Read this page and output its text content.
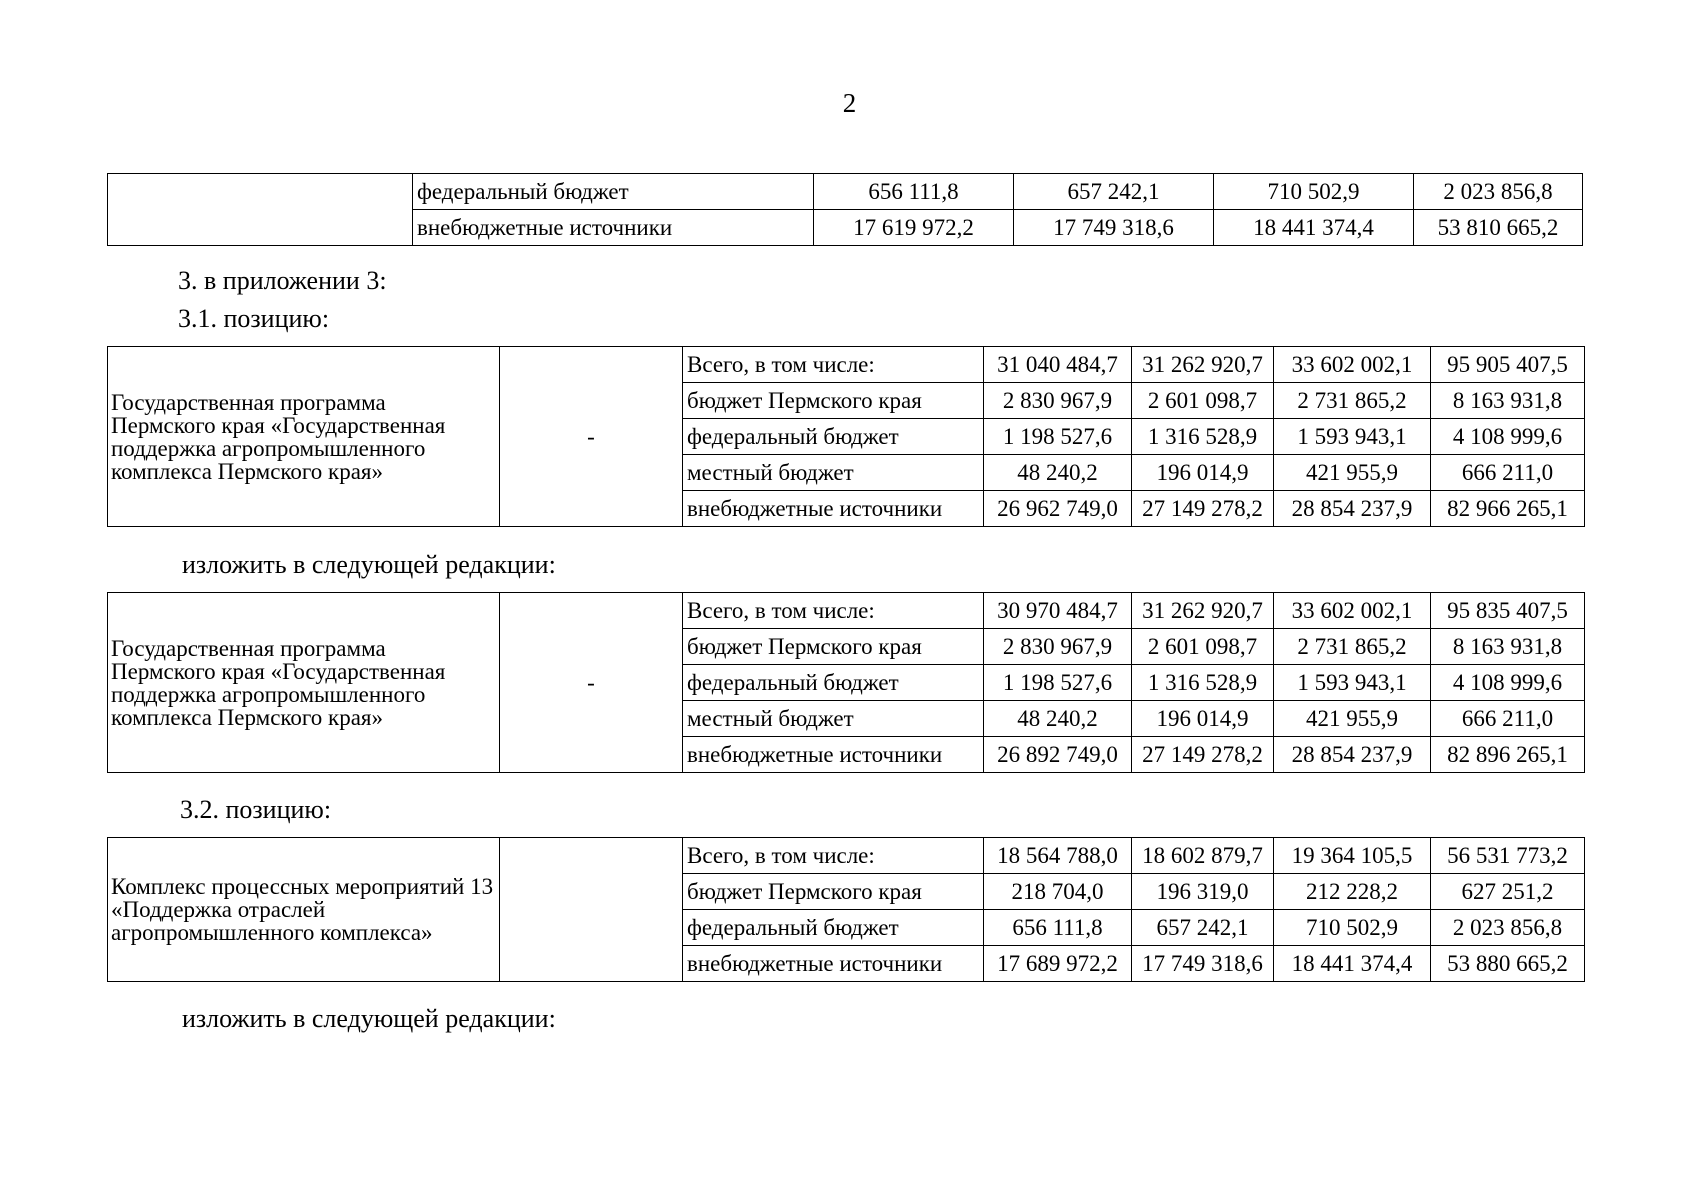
2
	федеральный бюджет	656 111,8	657 242,1	710 502,9	2 023 856,8
	внебюджетные источники	17 619 972,2	17 749 318,6	18 441 374,4	53 810 665,2
3. в приложении 3:
3.1. позицию:
Государственная программа Пермского края «Государственная поддержка агропромышленного комплекса Пермского края»	-	Всего, в том числе:	31 040 484,7	31 262 920,7	33 602 002,1	95 905 407,5
		бюджет Пермского края	2 830 967,9	2 601 098,7	2 731 865,2	8 163 931,8
		федеральный бюджет	1 198 527,6	1 316 528,9	1 593 943,1	4 108 999,6
		местный бюджет	48 240,2	196 014,9	421 955,9	666 211,0
		внебюджетные источники	26 962 749,0	27 149 278,2	28 854 237,9	82 966 265,1
изложить в следующей редакции:
Государственная программа Пермского края «Государственная поддержка агропромышленного комплекса Пермского края»	-	Всего, в том числе:	30 970 484,7	31 262 920,7	33 602 002,1	95 835 407,5
		бюджет Пермского края	2 830 967,9	2 601 098,7	2 731 865,2	8 163 931,8
		федеральный бюджет	1 198 527,6	1 316 528,9	1 593 943,1	4 108 999,6
		местный бюджет	48 240,2	196 014,9	421 955,9	666 211,0
		внебюджетные источники	26 892 749,0	27 149 278,2	28 854 237,9	82 896 265,1
3.2. позицию:
Комплекс процессных мероприятий 13 «Поддержка отраслей агропромышленного комплекса»		Всего, в том числе:	18 564 788,0	18 602 879,7	19 364 105,5	56 531 773,2
		бюджет Пермского края	218 704,0	196 319,0	212 228,2	627 251,2
		федеральный бюджет	656 111,8	657 242,1	710 502,9	2 023 856,8
		внебюджетные источники	17 689 972,2	17 749 318,6	18 441 374,4	53 880 665,2
изложить в следующей редакции:
